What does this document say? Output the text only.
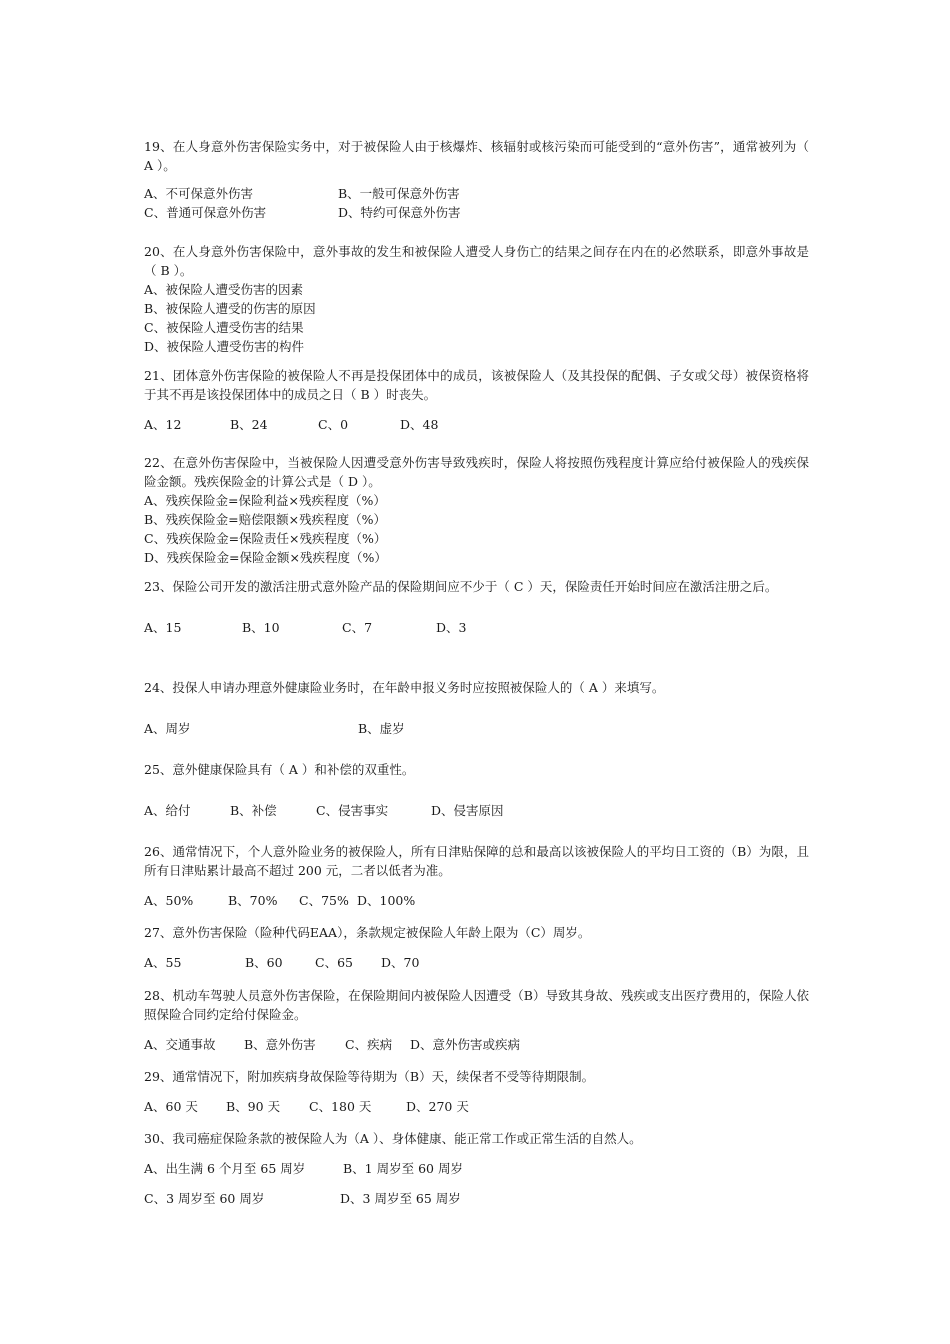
19、在人身意外伤害保险实务中，对于被保险人由于核爆炸、核辐射或核污染而可能受到的“意外伤害”，通常被列为（ A ）。

A、不可保意外伤害	B、一般可保意外伤害
C、普通可保意外伤害	D、特约可保意外伤害

20、在人身意外伤害保险中，意外事故的发生和被保险人遭受人身伤亡的结果之间存在内在的必然联系，即意外事故是（ B ）。

A、被保险人遭受伤害的因素
B、被保险人遭受的伤害的原因
C、被保险人遭受伤害的结果
D、被保险人遭受伤害的构件

21、团体意外伤害保险的被保险人不再是投保团体中的成员，该被保险人（及其投保的配偶、子女或父母）被保资格将于其不再是该投保团体中的成员之日（ B ）时丧失。

A、12	B、24	C、0	D、48

22、在意外伤害保险中，当被保险人因遭受意外伤害导致残疾时，保险人将按照伤残程度计算应给付被保险人的残疾保险金额。残疾保险金的计算公式是（ D ）。

A、残疾保险金=保险利益×残疾程度（%）
B、残疾保险金=赔偿限额×残疾程度（%）
C、残疾保险金=保险责任×残疾程度（%）
D、残疾保险金=保险金额×残疾程度（%）

23、保险公司开发的激活注册式意外险产品的保险期间应不少于（ C ）天，保险责任开始时间应在激活注册之后。

A、15	B、10	C、7	D、3

24、投保人申请办理意外健康险业务时，在年龄申报义务时应按照被保险人的（ A ）来填写。

A、周岁	B、虚岁

25、意外健康保险具有（ A ）和补偿的双重性。

A、给付	B、补偿	C、侵害事实	D、侵害原因

26、通常情况下，个人意外险业务的被保险人，所有日津贴保障的总和最高以该被保险人的平均日工资的（B）为限，且所有日津贴累计最高不超过 200 元，二者以低者为准。

A、50%	B、70%	C、75% D、100%

27、意外伤害保险（险种代码EAA），条款规定被保险人年龄上限为（C）周岁。

A、55	B、60	C、65	D、70

28、机动车驾驶人员意外伤害保险，在保险期间内被保险人因遭受（B）导致其身故、残疾或支出医疗费用的，保险人依照保险合同约定给付保险金。

A、交通事故	B、意外伤害	C、疾病	D、意外伤害或疾病

29、通常情况下，附加疾病身故保险等待期为（B）天，续保者不受等待期限制。

A、60 天	B、90 天	C、180 天	D、270 天

30、我司癌症保险条款的被保险人为（A ）、身体健康、能正常工作或正常生活的自然人。

A、出生满 6 个月至 65 周岁	B、1 周岁至 60 周岁
C、3 周岁至 60 周岁	D、3 周岁至 65 周岁
